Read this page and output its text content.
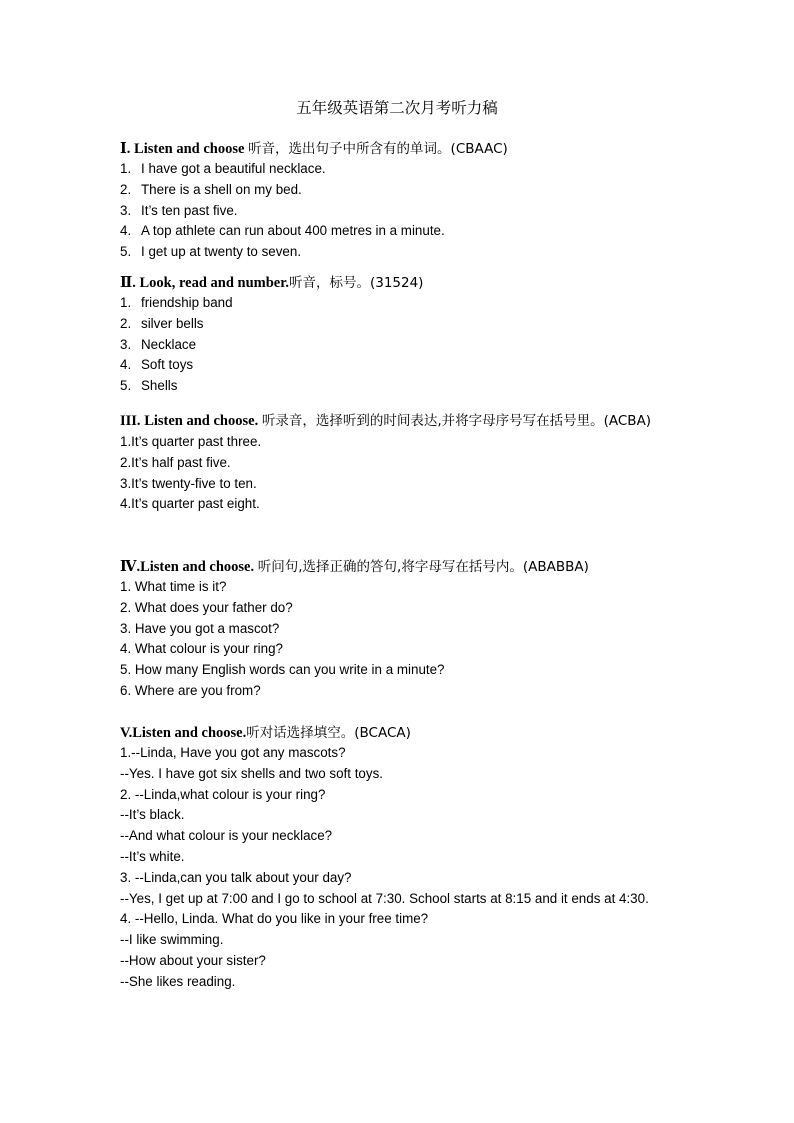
五年级英语第二次月考听力稿

Ⅰ. Listen and choose 听音，选出句子中所含有的单词。(CBAAC)

1. I have got a beautiful necklace.

2. There is a shell on my bed.

3. It’s ten past five.

4. A top athlete can run about 400 metres in a minute.

5. I get up at twenty to seven.

Ⅱ. Look, read and number.听音，标号。(31524)

1. friendship band

2. silver bells

3. Necklace

4. Soft toys

5. Shells

III. Listen and choose. 听录音，选择听到的时间表达,并将字母序号写在括号里。(ACBA)

1.It’s quarter past three.

2.It’s half past five.

3.It’s twenty-five to ten.

4.It’s quarter past eight.

Ⅳ.Listen and choose. 听问句,选择正确的答句,将字母写在括号内。(ABABBA)

1. What time is it?

2. What does your father do?

3. Have you got a mascot?

4. What colour is your ring?

5. How many English words can you write in a minute?

6. Where are you from?

V.Listen and choose.听对话选择填空。(BCACA)

1.--Linda, Have you got any mascots?

--Yes. I have got six shells and two soft toys.

2. --Linda,what colour is your ring?

--It’s black.

--And what colour is your necklace?

--It’s white.

3. --Linda,can you talk about your day?

--Yes, I get up at 7:00 and I go to school at 7:30. School starts at 8:15 and it ends at 4:30.

4. --Hello, Linda. What do you like in your free time?

--I like swimming.

--How about your sister?

--She likes reading.
